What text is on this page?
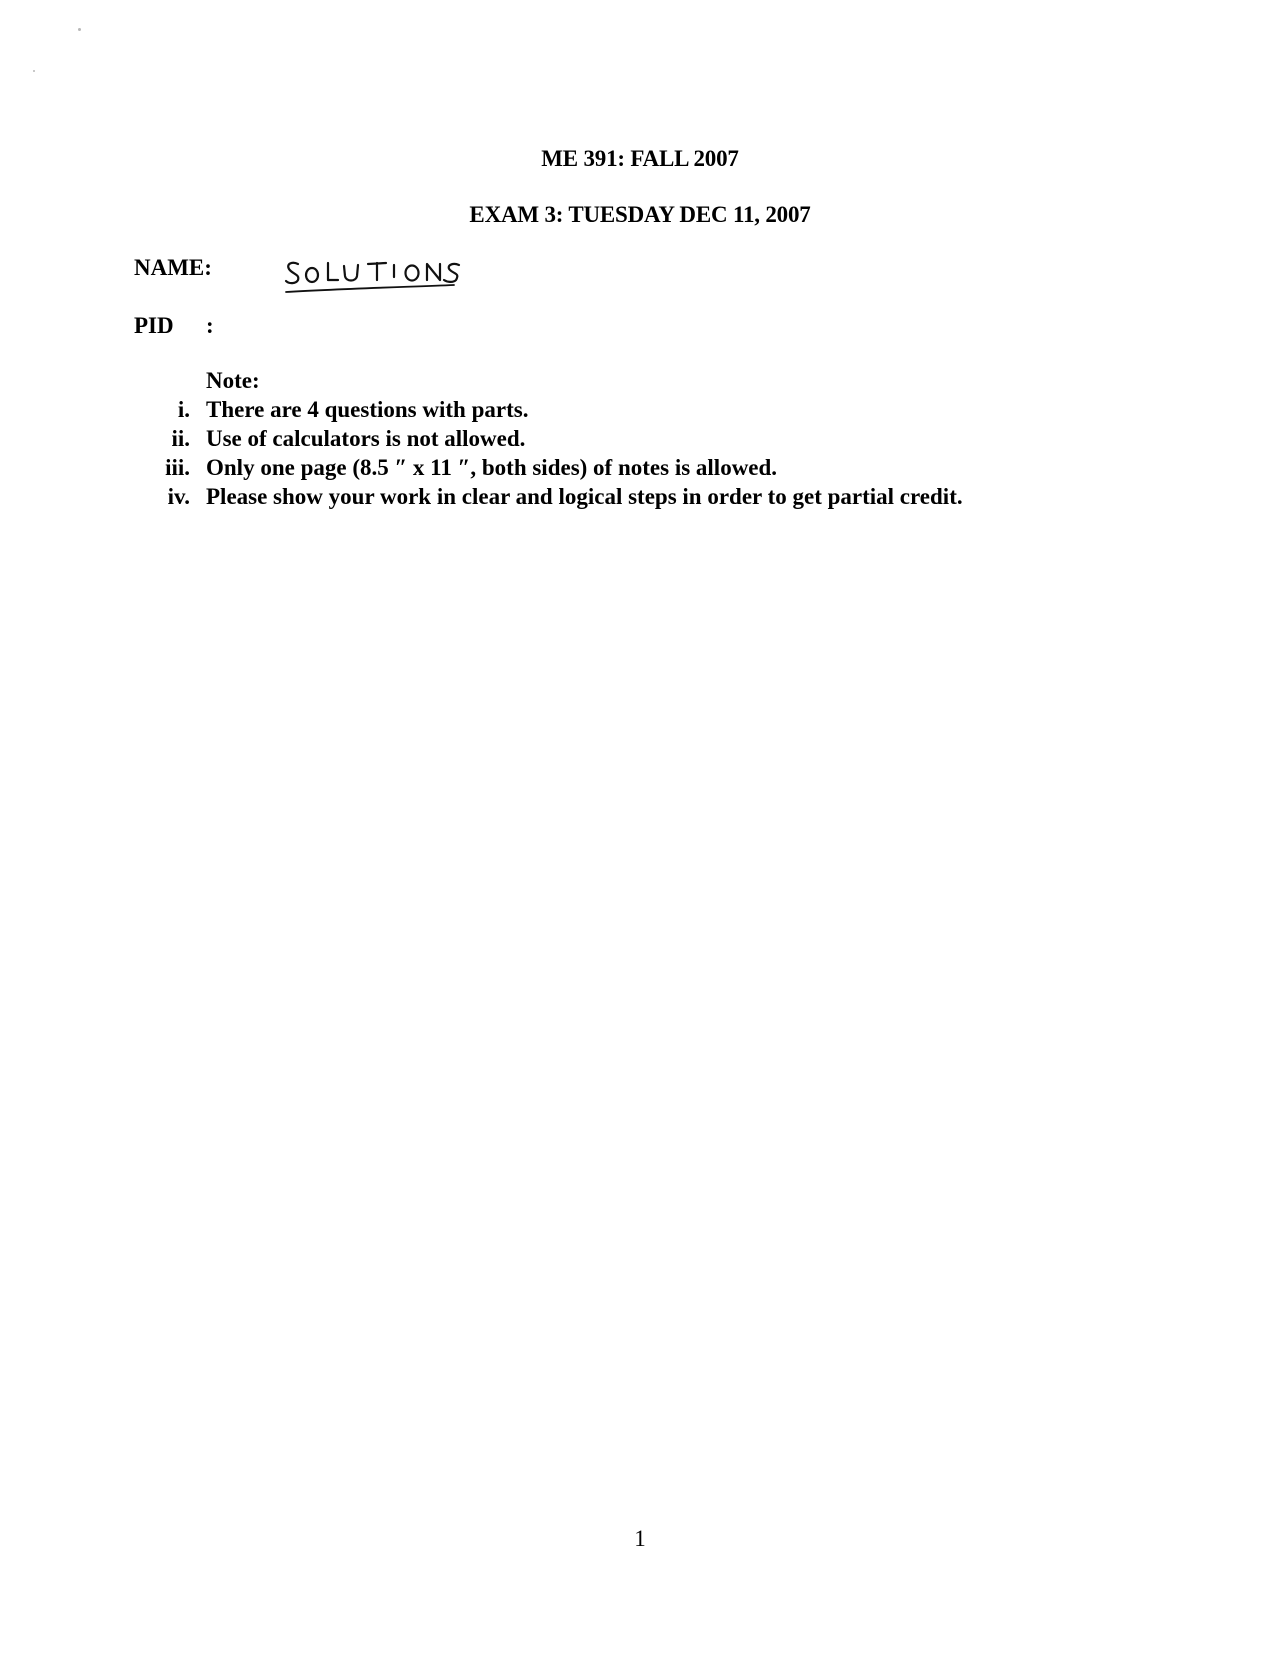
ME 391: FALL 2007
EXAM 3: TUESDAY DEC 11, 2007
NAME:
PID :
Note:
i. There are 4 questions with parts.
ii. Use of calculators is not allowed.
iii. Only one page (8.5 ″ x 11 ″, both sides) of notes is allowed.
iv. Please show your work in clear and logical steps in order to get partial credit.
1
